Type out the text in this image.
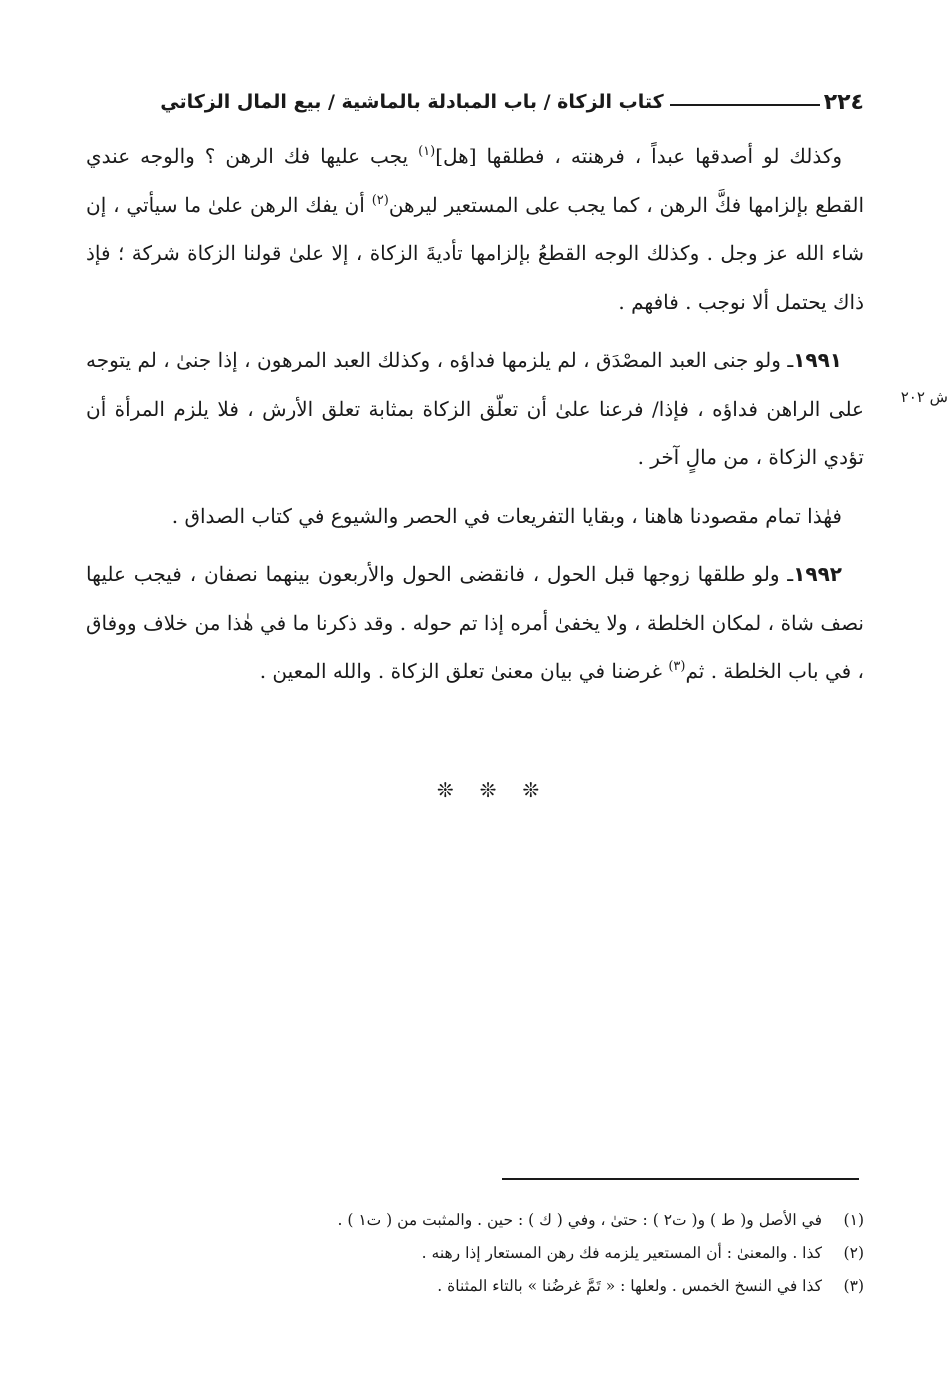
٢٢٤
كتاب الزكاة / باب المبادلة بالماشية / بيع المال الزكاتي

وكذلك لو أصدقها عبداً ، فرهنته ، فطلقها [هل]$^{(١)}$ يجب عليها فك الرهن ؟ والوجه عندي القطع بإلزامها فكَّ الرهن ، كما يجب على المستعير ليرهن$^{(٢)}$ أن يفك الرهن علىٰ ما سيأتي ، إن شاء الله عز وجل . وكذلك الوجه القطعُ بإلزامها تأديةَ الزكاة ، إلا علىٰ قولنا الزكاة شركة ؛ فإذ ذاك يحتمل ألا نوجب . فافهم .

١٩٩١ـ ولو جنى العبد المصْدَق ، لم يلزمها فداؤه ، وكذلك العبد المرهون ، إذا جنىٰ ، لم يتوجه على الراهن فداؤه ، فإذا/ فرعنا علىٰ أن تعلّق الزكاة بمثابة تعلق الأرش ، فلا يلزم المرأة أن تؤدي الزكاة ، من مالٍ آخر .

فهٰذا تمام مقصودنا هاهنا ، وبقايا التفريعات في الحصر والشيوع في كتاب الصداق .

١٩٩٢ـ ولو طلقها زوجها قبل الحول ، فانقضى الحول والأربعون بينهما نصفان ، فيجب عليها نصف شاة ، لمكان الخلطة ، ولا يخفىٰ أمره إذا تم حوله . وقد ذكرنا ما في هٰذا من خلاف ووفاق ، في باب الخلطة . ثم$^{(٣)}$ غرضنا في بيان معنىٰ تعلق الزكاة . والله المعين .

ش ٢٠٢
❊❊❊
(١)في الأصل و( ط ) و( ت٢ ) : حتىٰ ، وفي ( ك ) : حين . والمثبت من ( ت١ ) .
(٢)كذا . والمعنىٰ : أن المستعير يلزمه فك رهن المستعار إذا رهنه .
(٣)كذا في النسخ الخمس . ولعلها : « تَمَّ غرضُنا » بالتاء المثناة .
